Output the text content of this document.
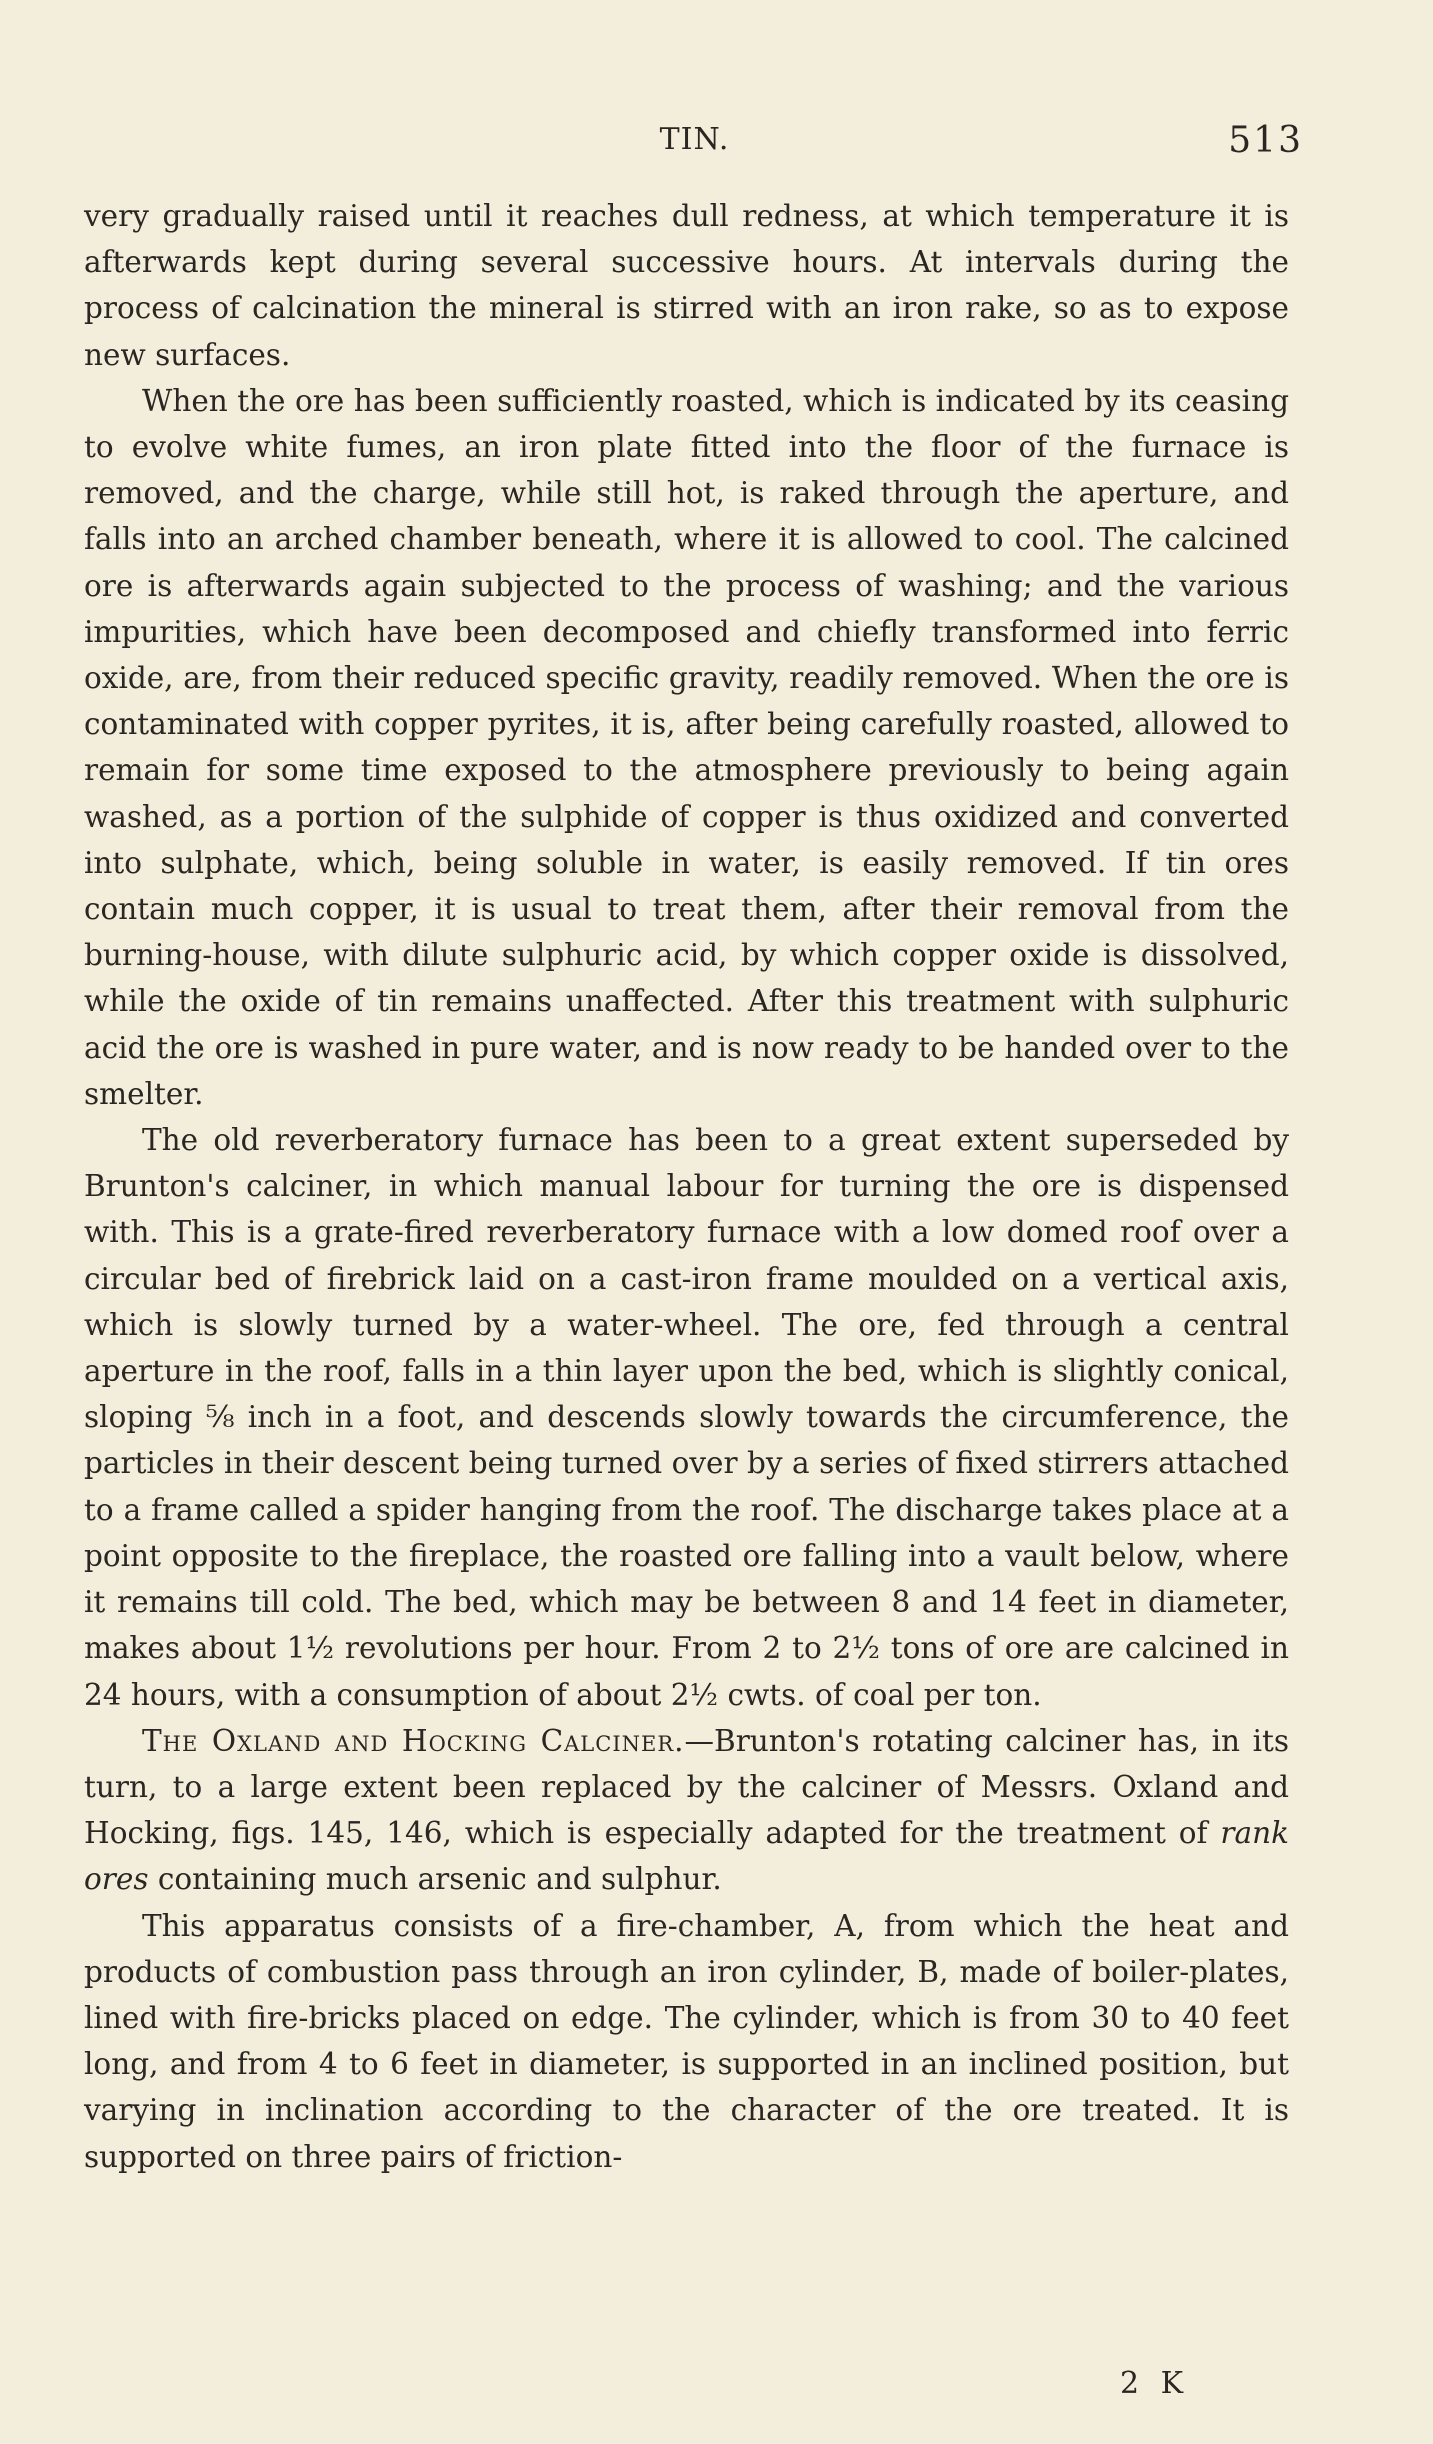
TIN.	513

very gradually raised until it reaches dull redness, at which temperature it is afterwards kept during several successive hours. At intervals during the process of calcination the mineral is stirred with an iron rake, so as to expose new surfaces.

When the ore has been sufficiently roasted, which is indicated by its ceasing to evolve white fumes, an iron plate fitted into the floor of the furnace is removed, and the charge, while still hot, is raked through the aperture, and falls into an arched chamber beneath, where it is allowed to cool. The calcined ore is afterwards again subjected to the process of washing; and the various impurities, which have been decomposed and chiefly transformed into ferric oxide, are, from their reduced specific gravity, readily removed. When the ore is contaminated with copper pyrites, it is, after being carefully roasted, allowed to remain for some time exposed to the atmosphere previously to being again washed, as a portion of the sulphide of copper is thus oxidized and converted into sulphate, which, being soluble in water, is easily removed. If tin ores contain much copper, it is usual to treat them, after their removal from the burning-house, with dilute sulphuric acid, by which copper oxide is dissolved, while the oxide of tin remains unaffected. After this treatment with sulphuric acid the ore is washed in pure water, and is now ready to be handed over to the smelter.

The old reverberatory furnace has been to a great extent superseded by Brunton's calciner, in which manual labour for turning the ore is dispensed with. This is a grate-fired reverberatory furnace with a low domed roof over a circular bed of firebrick laid on a cast-iron frame moulded on a vertical axis, which is slowly turned by a water-wheel. The ore, fed through a central aperture in the roof, falls in a thin layer upon the bed, which is slightly conical, sloping ⅝ inch in a foot, and descends slowly towards the circumference, the particles in their descent being turned over by a series of fixed stirrers attached to a frame called a spider hanging from the roof. The discharge takes place at a point opposite to the fireplace, the roasted ore falling into a vault below, where it remains till cold. The bed, which may be between 8 and 14 feet in diameter, makes about 1½ revolutions per hour. From 2 to 2½ tons of ore are calcined in 24 hours, with a consumption of about 2½ cwts. of coal per ton.

The Oxland and Hocking Calciner.—Brunton's rotating calciner has, in its turn, to a large extent been replaced by the calciner of Messrs. Oxland and Hocking, figs. 145, 146, which is especially adapted for the treatment of rank ores containing much arsenic and sulphur.

This apparatus consists of a fire-chamber, A, from which the heat and products of combustion pass through an iron cylinder, B, made of boiler-plates, lined with fire-bricks placed on edge. The cylinder, which is from 30 to 40 feet long, and from 4 to 6 feet in diameter, is supported in an inclined position, but varying in inclination according to the character of the ore treated. It is supported on three pairs of friction-

2 K
